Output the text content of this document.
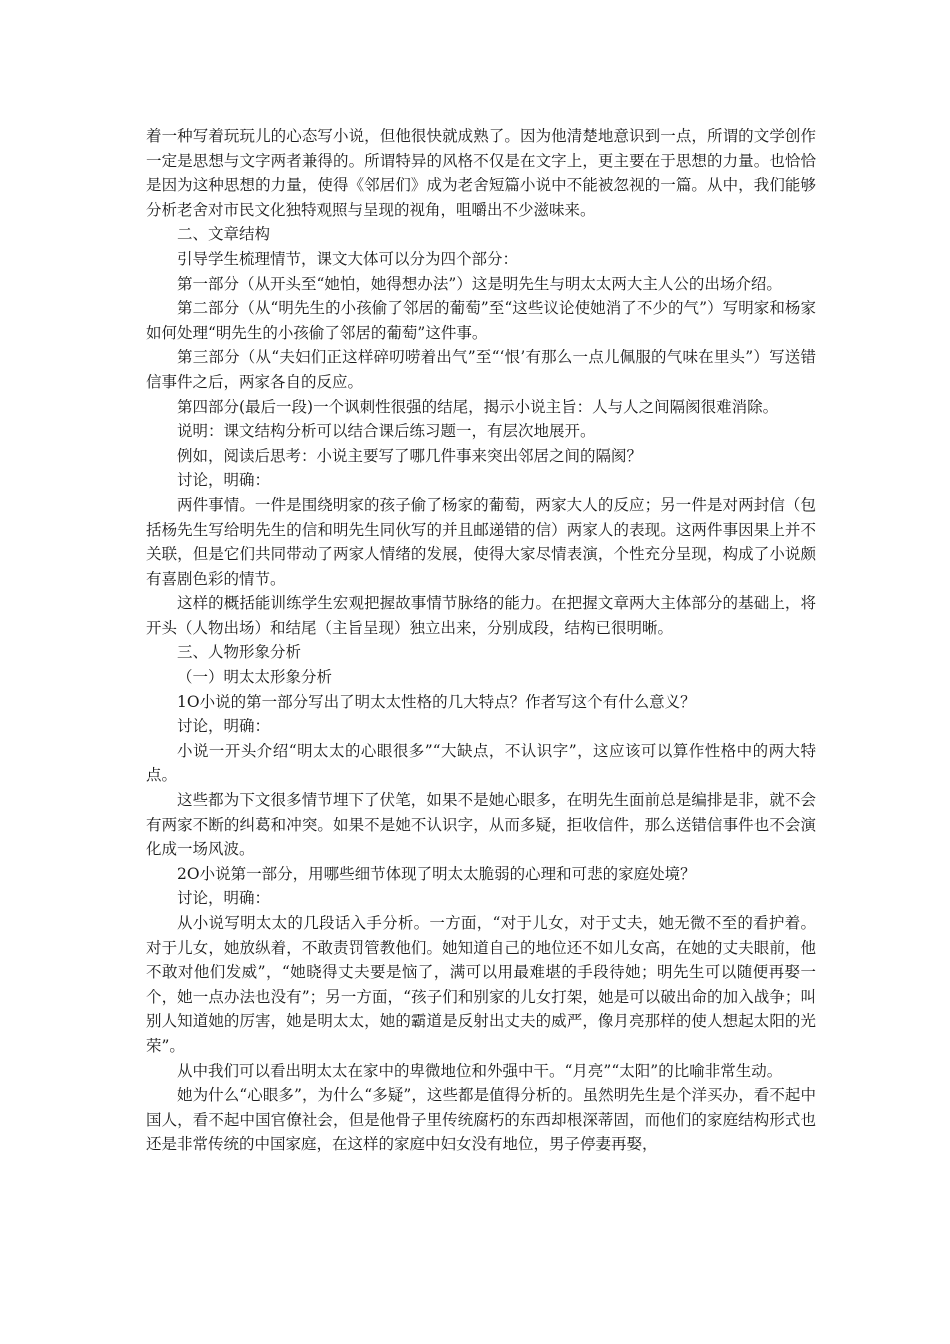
着一种写着玩玩儿的心态写小说，但他很快就成熟了。因为他清楚地意识到一点，所谓的文学创作一定是思想与文字两者兼得的。所谓特异的风格不仅是在文字上，更主要在于思想的力量。也恰恰是因为这种思想的力量，使得《邻居们》成为老舍短篇小说中不能被忽视的一篇。从中，我们能够分析老舍对市民文化独特观照与呈现的视角，咀嚼出不少滋味来。

二、文章结构

引导学生梳理情节，课文大体可以分为四个部分：

第一部分（从开头至“她怕，她得想办法”）这是明先生与明太太两大主人公的出场介绍。

第二部分（从“明先生的小孩偷了邻居的葡萄”至“这些议论使她消了不少的气”）写明家和杨家如何处理“明先生的小孩偷了邻居的葡萄”这件事。

第三部分（从“夫妇们正这样碎叨唠着出气”至“‘恨’有那么一点儿佩服的气味在里头”）写送错信事件之后，两家各自的反应。

第四部分(最后一段)一个讽刺性很强的结尾，揭示小说主旨：人与人之间隔阂很难消除。

说明：课文结构分析可以结合课后练习题一，有层次地展开。

例如，阅读后思考：小说主要写了哪几件事来突出邻居之间的隔阂？

讨论，明确：

两件事情。一件是围绕明家的孩子偷了杨家的葡萄，两家大人的反应；另一件是对两封信（包括杨先生写给明先生的信和明先生同伙写的并且邮递错的信）两家人的表现。这两件事因果上并不关联，但是它们共同带动了两家人情绪的发展，使得大家尽情表演，个性充分呈现，构成了小说颇有喜剧色彩的情节。

这样的概括能训练学生宏观把握故事情节脉络的能力。在把握文章两大主体部分的基础上，将开头（人物出场）和结尾（主旨呈现）独立出来，分别成段，结构已很明晰。

三、人物形象分析

（一）明太太形象分析

1O小说的第一部分写出了明太太性格的几大特点？作者写这个有什么意义？

讨论，明确：

小说一开头介绍“明太太的心眼很多”“大缺点，不认识字”，这应该可以算作性格中的两大特点。

这些都为下文很多情节埋下了伏笔，如果不是她心眼多，在明先生面前总是编排是非，就不会有两家不断的纠葛和冲突。如果不是她不认识字，从而多疑，拒收信件，那么送错信事件也不会演化成一场风波。

2O小说第一部分，用哪些细节体现了明太太脆弱的心理和可悲的家庭处境？

讨论，明确：

从小说写明太太的几段话入手分析。一方面，“对于儿女，对于丈夫，她无微不至的看护着。对于儿女，她放纵着，不敢责罚管教他们。她知道自己的地位还不如儿女高，在她的丈夫眼前，他不敢对他们发威”，“她晓得丈夫要是恼了，满可以用最难堪的手段待她；明先生可以随便再娶一个，她一点办法也没有”；另一方面，“孩子们和别家的儿女打架，她是可以破出命的加入战争；叫别人知道她的厉害，她是明太太，她的霸道是反射出丈夫的威严，像月亮那样的使人想起太阳的光荣”。

从中我们可以看出明太太在家中的卑微地位和外强中干。“月亮”“太阳”的比喻非常生动。

她为什么“心眼多”，为什么“多疑”，这些都是值得分析的。虽然明先生是个洋买办，看不起中国人，看不起中国官僚社会，但是他骨子里传统腐朽的东西却根深蒂固，而他们的家庭结构形式也还是非常传统的中国家庭，在这样的家庭中妇女没有地位，男子停妻再娶，
